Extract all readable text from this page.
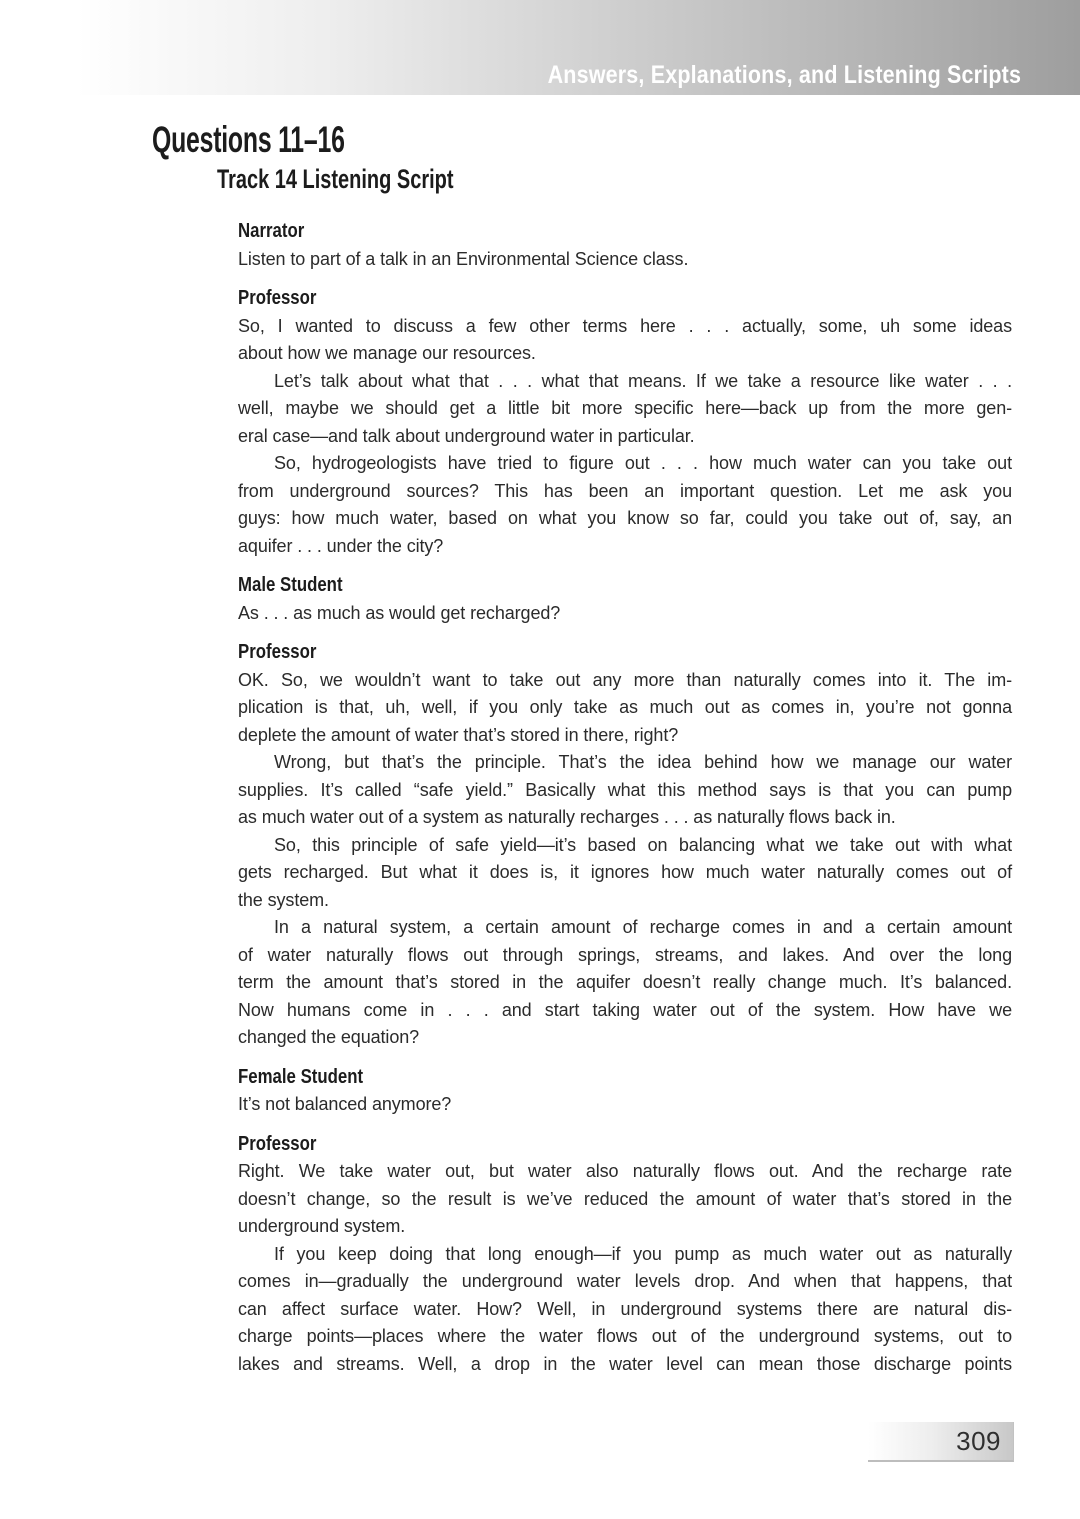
Answers, Explanations, and Listening Scripts
Questions 11–16
Track 14 Listening Script
Narrator
Listen to part of a talk in an Environmental Science class.
Professor
So, I wanted to discuss a few other terms here . . . actually, some, uh some ideas
about how we manage our resources.
Let’s talk about what that . . . what that means. If we take a resource like water . . .
well, maybe we should get a little bit more specific here—back up from the more gen-
eral case—and talk about underground water in particular.
So, hydrogeologists have tried to figure out . . . how much water can you take out
from underground sources? This has been an important question. Let me ask you
guys: how much water, based on what you know so far, could you take out of, say, an
aquifer . . . under the city?
Male Student
As . . . as much as would get recharged?
Professor
OK. So, we wouldn’t want to take out any more than naturally comes into it. The im-
plication is that, uh, well, if you only take as much out as comes in, you’re not gonna
deplete the amount of water that’s stored in there, right?
Wrong, but that’s the principle. That’s the idea behind how we manage our water
supplies. It’s called “safe yield.” Basically what this method says is that you can pump
as much water out of a system as naturally recharges . . . as naturally flows back in.
So, this principle of safe yield—it’s based on balancing what we take out with what
gets recharged. But what it does is, it ignores how much water naturally comes out of
the system.
In a natural system, a certain amount of recharge comes in and a certain amount
of water naturally flows out through springs, streams, and lakes. And over the long
term the amount that’s stored in the aquifer doesn’t really change much. It’s balanced.
Now humans come in . . . and start taking water out of the system. How have we
changed the equation?
Female Student
It’s not balanced anymore?
Professor
Right. We take water out, but water also naturally flows out. And the recharge rate
doesn’t change, so the result is we’ve reduced the amount of water that’s stored in the
underground system.
If you keep doing that long enough—if you pump as much water out as naturally
comes in—gradually the underground water levels drop. And when that happens, that
can affect surface water. How? Well, in underground systems there are natural dis-
charge points—places where the water flows out of the underground systems, out to
lakes and streams. Well, a drop in the water level can mean those discharge points
309
